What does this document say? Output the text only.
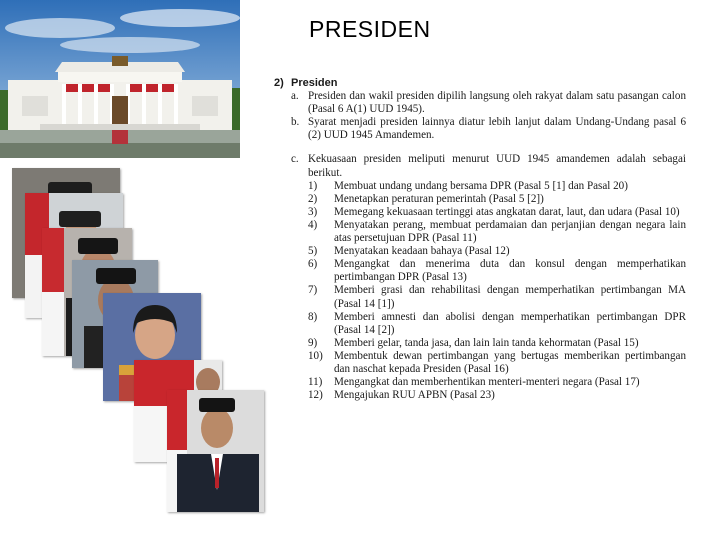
PRESIDEN
2) Presiden
a. Presiden dan wakil presiden dipilih langsung oleh rakyat dalam satu pasangan calon (Pasal 6 A(1) UUD 1945).
b. Syarat menjadi presiden lainnya diatur lebih lanjut dalam Undang-Undang pasal 6 (2) UUD 1945 Amandemen.
c. Kekuasaan presiden meliputi menurut UUD 1945 amandemen adalah sebagai berikut.
1)	Membuat undang undang bersama DPR (Pasal 5 [1] dan Pasal 20)
2)	Menetapkan peraturan pemerintah (Pasal 5 [2])
3)	Memegang kekuasaan tertinggi atas angkatan darat, laut, dan udara (Pasal 10)
4)	Menyatakan perang, membuat perdamaian dan perjanjian dengan negara lain atas persetujuan DPR (Pasal 11)
5)	Menyatakan keadaan bahaya (Pasal 12)
6)	Mengangkat dan menerima duta dan konsul dengan memperhatikan pertimbangan DPR (Pasal 13)
7)	Memberi grasi dan rehabilitasi dengan memperhatikan pertimbangan MA (Pasal 14 [1])
8)	Memberi amnesti dan abolisi dengan memperhatikan pertimbangan DPR (Pasal 14 [2])
9)	Memberi gelar, tanda jasa, dan lain lain tanda kehormatan (Pasal 15)
10)	Membentuk dewan pertimbangan yang bertugas memberikan pertimbangan dan naschat kepada Presiden (Pasal 16)
11)	Mengangkat dan memberhentikan menteri-menteri negara (Pasal 17)
12)	Mengajukan RUU APBN (Pasal 23)
